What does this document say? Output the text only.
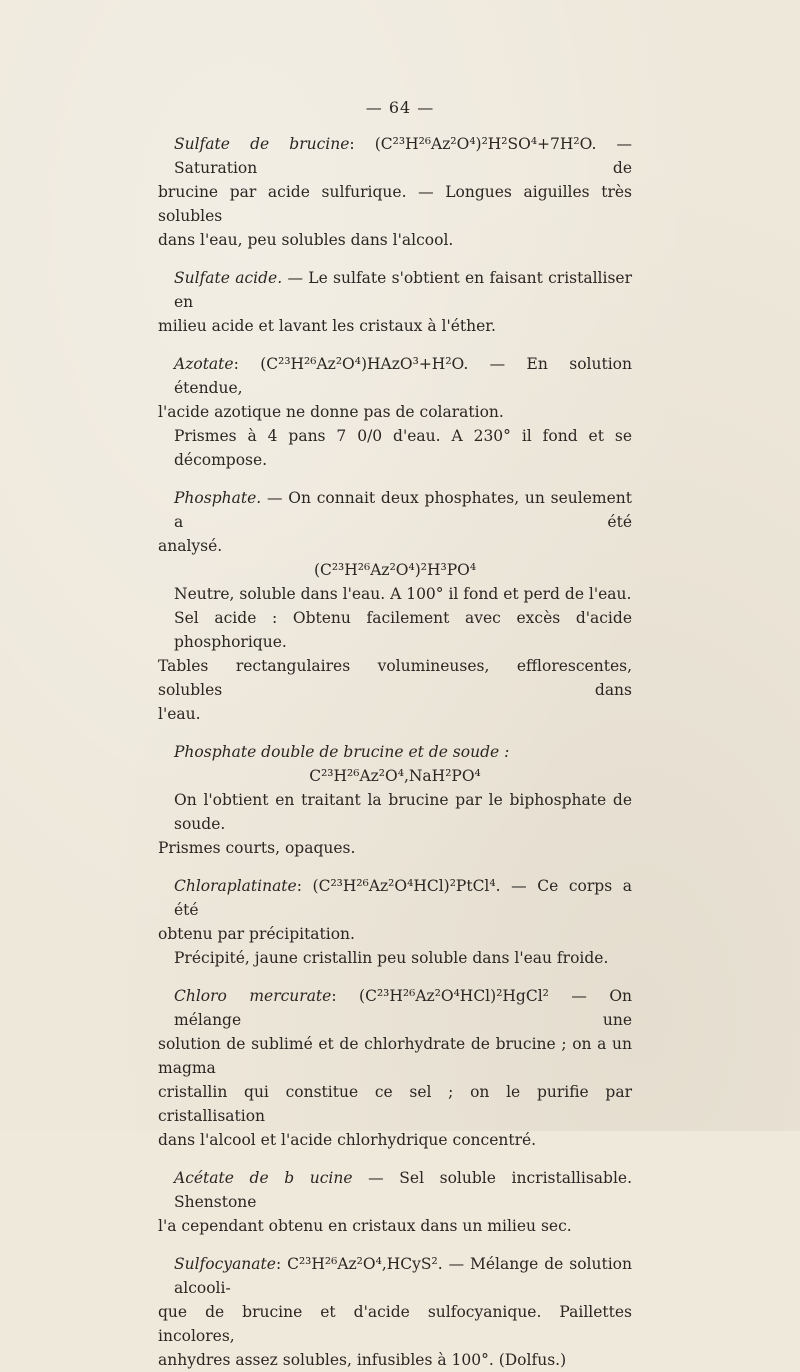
— 64 —
Sulfate de brucine: (C²³H²⁶Az²O⁴)²H²SO⁴+7H²O. — Saturation de
brucine par acide sulfurique. — Longues aiguilles très solubles
dans l'eau, peu solubles dans l'alcool.
Sulfate acide. — Le sulfate s'obtient en faisant cristalliser en
milieu acide et lavant les cristaux à l'éther.
Azotate: (C²³H²⁶Az²O⁴)HAzO³+H²O. — En solution étendue,
l'acide azotique ne donne pas de colaration.
Prismes à 4 pans 7 0/0 d'eau. A 230° il fond et se décompose.
Phosphate. — On connait deux phosphates, un seulement a été
analysé.
(C²³H²⁶Az²O⁴)²H³PO⁴
Neutre, soluble dans l'eau. A 100° il fond et perd de l'eau.
Sel acide : Obtenu facilement avec excès d'acide phosphorique.
Tables rectangulaires volumineuses, efflorescentes, solubles dans
l'eau.
Phosphate double de brucine et de soude :
C²³H²⁶Az²O⁴,NaH²PO⁴
On l'obtient en traitant la brucine par le biphosphate de soude.
Prismes courts, opaques.
Chloraplatinate: (C²³H²⁶Az²O⁴HCl)²PtCl⁴. — Ce corps a été
obtenu par précipitation.
Précipité, jaune cristallin peu soluble dans l'eau froide.
Chloro mercurate: (C²³H²⁶Az²O⁴HCl)²HgCl² — On mélange une
solution de sublimé et de chlorhydrate de brucine ; on a un magma
cristallin qui constitue ce sel ; on le purifie par cristallisation
dans l'alcool et l'acide chlorhydrique concentré.
Acétate de b ucine — Sel soluble incristallisable. Shenstone
l'a cependant obtenu en cristaux dans un milieu sec.
Sulfocyanate: C²³H²⁶Az²O⁴,HCyS². — Mélange de solution alcooli-
que de brucine et d'acide sulfocyanique. Paillettes incolores,
anhydres assez solubles, infusibles à 100°. (Dolfus.)
